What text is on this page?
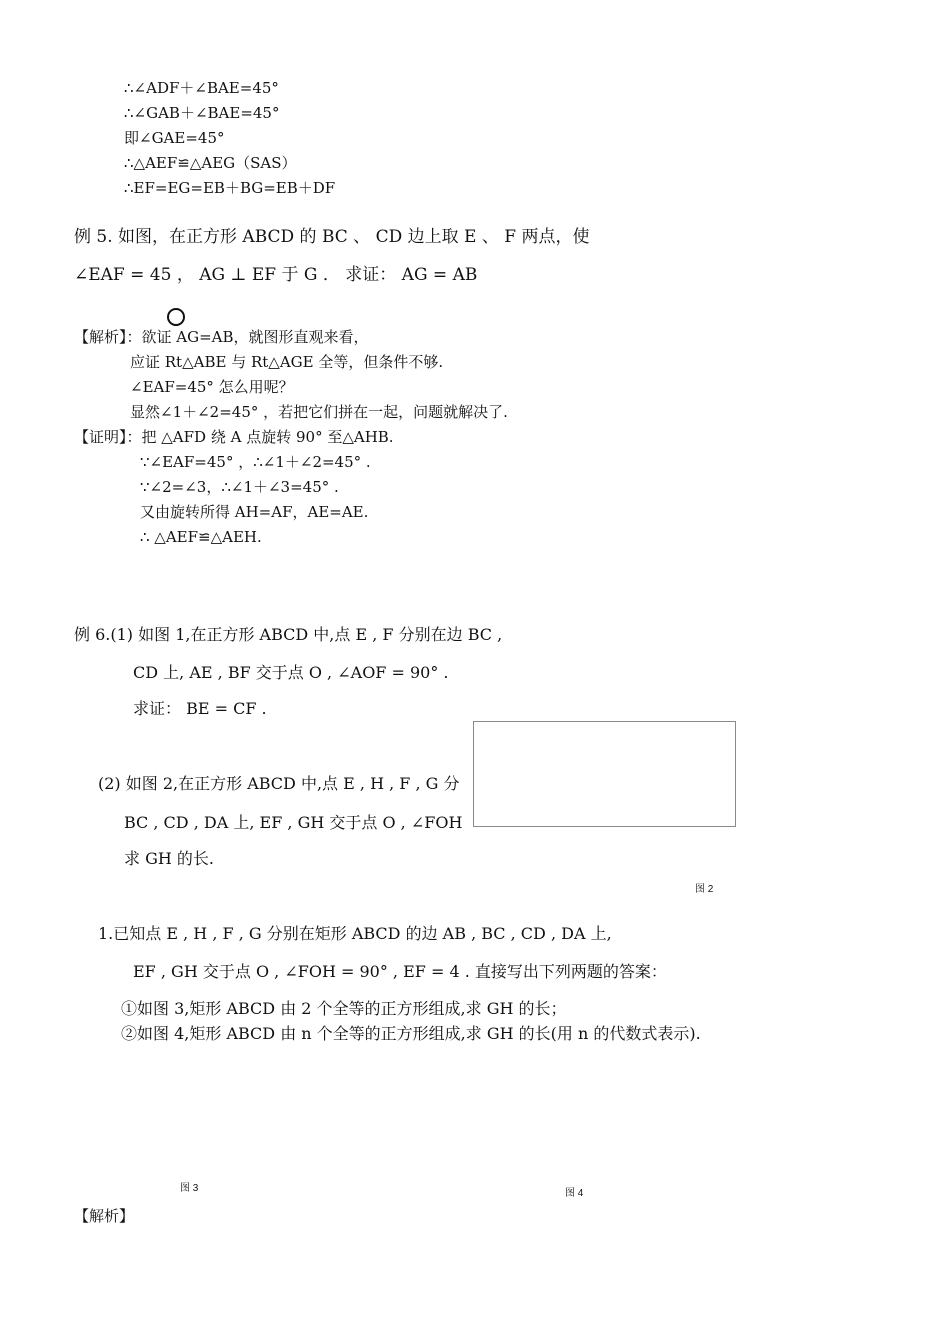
∴∠ADF＋∠BAE=45°
∴∠GAB＋∠BAE=45°
即∠GAE=45°
∴△AEF≌△AEG（SAS）
∴EF=EG=EB＋BG=EB＋DF
例 5. 如图，在正方形 ABCD 的 BC 、 CD 边上取 E 、 F 两点，使
∠EAF = 45 ， AG ⊥ EF 于 G ． 求证： AG = AB
【解析】：欲证 AG=AB，就图形直观来看，
应证 Rt△ABE 与 Rt△AGE 全等，但条件不够.
∠EAF=45° 怎么用呢？
显然∠1＋∠2=45° ，若把它们拼在一起，问题就解决了.
【证明】：把 △AFD 绕 A 点旋转 90° 至△AHB.
∵∠EAF=45° ，∴∠1＋∠2=45° .
∵∠2=∠3，∴∠1＋∠3=45° .
又由旋转所得 AH=AF，AE=AE.
∴ △AEF≌△AEH.
例 6.(1) 如图 1,在正方形 ABCD 中,点 E , F 分别在边 BC ,
CD 上, AE , BF 交于点 O , ∠AOF = 90° .
求证： BE = CF .
(2) 如图 2,在正方形 ABCD 中,点 E , H , F , G 分
BC , CD , DA 上, EF , GH 交于点 O , ∠FOH
求 GH 的长.
图 2
1.已知点 E , H , F , G 分别在矩形 ABCD 的边 AB , BC , CD , DA 上,
EF , GH 交于点 O , ∠FOH = 90° , EF = 4 . 直接写出下列两题的答案：
①如图 3,矩形 ABCD 由 2 个全等的正方形组成,求 GH 的长；
②如图 4,矩形 ABCD 由 n 个全等的正方形组成,求 GH 的长(用 n 的代数式表示).
图 3	图 4
【解析】
